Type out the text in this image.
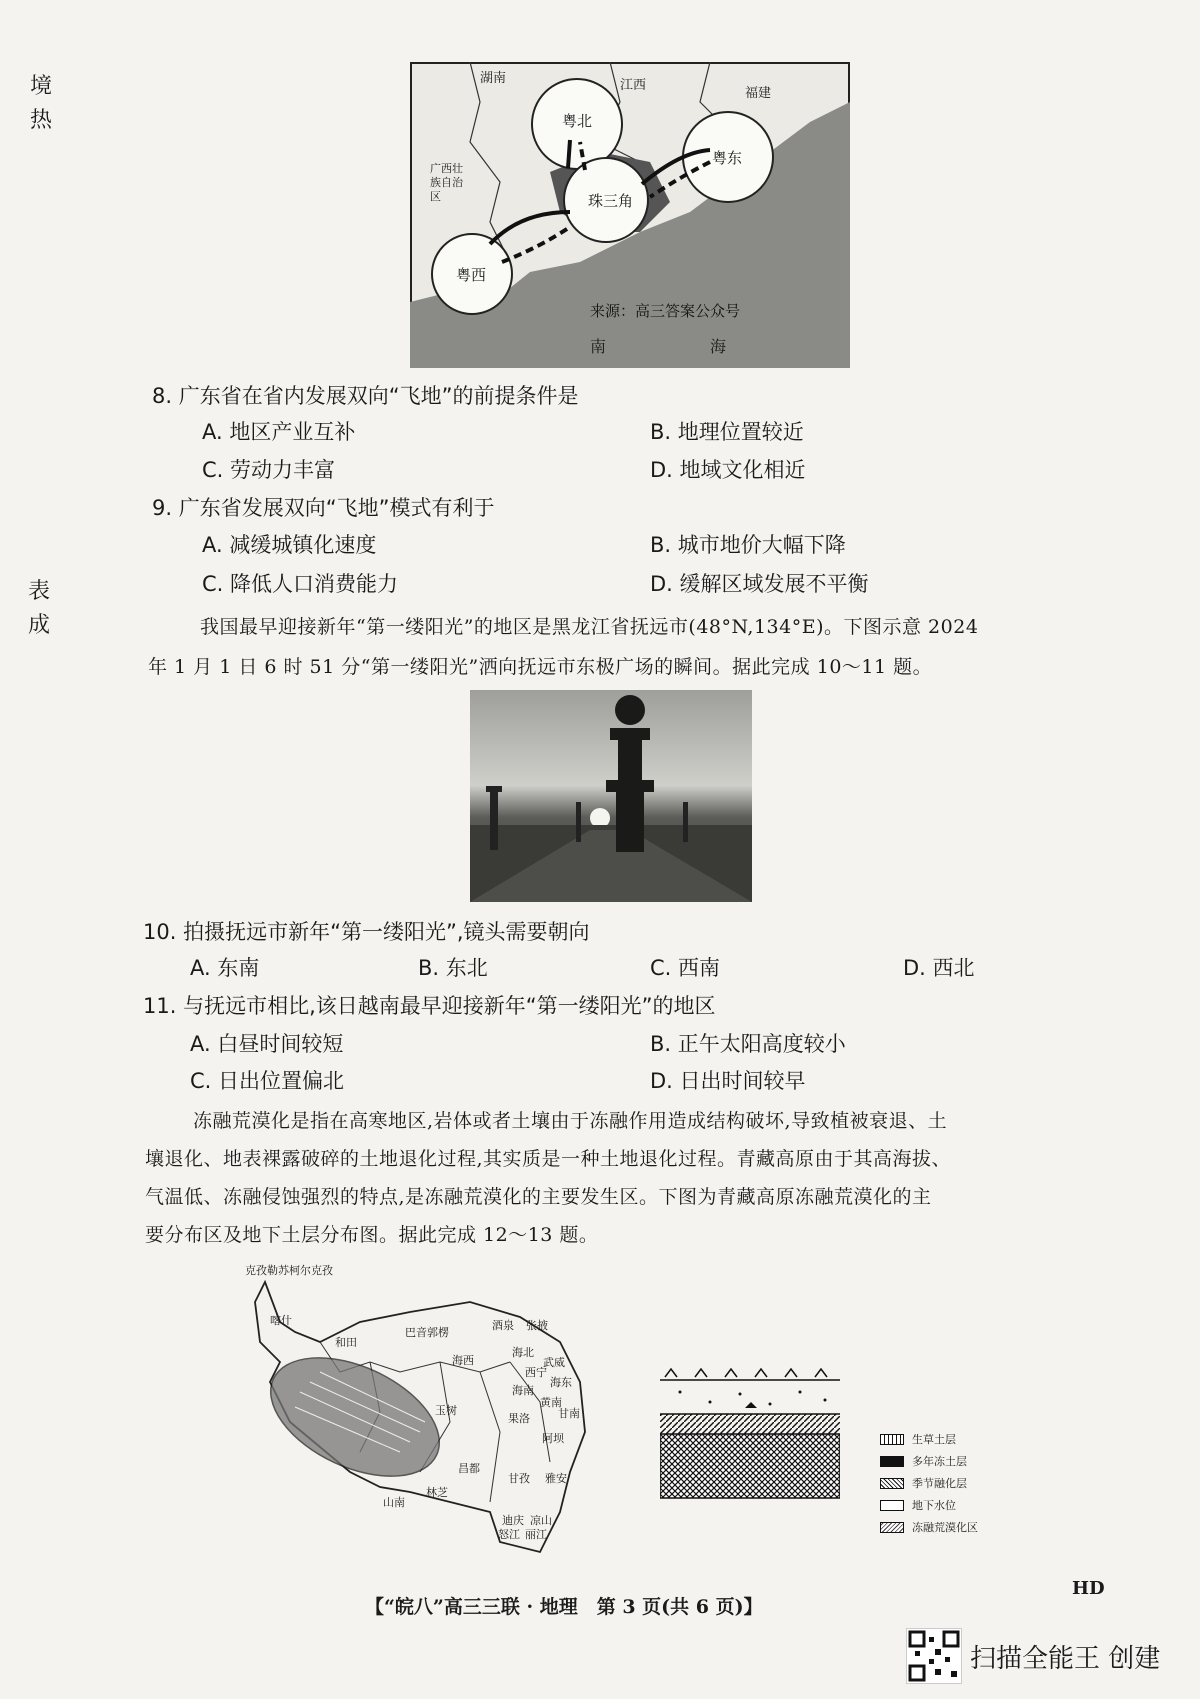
境
热
表
成
湖南	江西
福建
广西壮族自治区
粤北
粤东
珠三角
粤西
来源：高三答案公众号
南	海
8. 广东省在省内发展双向“飞地”的前提条件是
A. 地区产业互补	B. 地理位置较近
C. 劳动力丰富	D. 地域文化相近
9. 广东省发展双向“飞地”模式有利于
A. 减缓城镇化速度	B. 城市地价大幅下降
C. 降低人口消费能力	D. 缓解区域发展不平衡
我国最早迎接新年“第一缕阳光”的地区是黑龙江省抚远市(48°N,134°E)。下图示意 2024
年 1 月 1 日 6 时 51 分“第一缕阳光”洒向抚远市东极广场的瞬间。据此完成 10～11 题。
10. 拍摄抚远市新年“第一缕阳光”,镜头需要朝向
A. 东南	B. 东北	C. 西南	D. 西北
11. 与抚远市相比,该日越南最早迎接新年“第一缕阳光”的地区
A. 白昼时间较短	B. 正午太阳高度较小
C. 日出位置偏北	D. 日出时间较早
冻融荒漠化是指在高寒地区,岩体或者土壤由于冻融作用造成结构破坏,导致植被衰退、土
壤退化、地表裸露破碎的土地退化过程,其实质是一种土地退化过程。青藏高原由于其高海拔、
气温低、冻融侵蚀强烈的特点,是冻融荒漠化的主要发生区。下图为青藏高原冻融荒漠化的主
要分布区及地下土层分布图。据此完成 12～13 题。
克孜勒苏柯尔克孜
喀什
和田
巴音郭楞
酒泉 张掖
海西
海北
武威
西宁
海东
海南
黄南
甘南
玉树
果洛
阿坝
昌都
甘孜 雅安
林芝
山南
迪庆 凉山
怒江 丽江
生草土层
多年冻土层
季节融化层
地下水位
冻融荒漠化区
【“皖八”高三三联 · 地理　第 3 页(共 6 页)】
HD
扫描全能王 创建
